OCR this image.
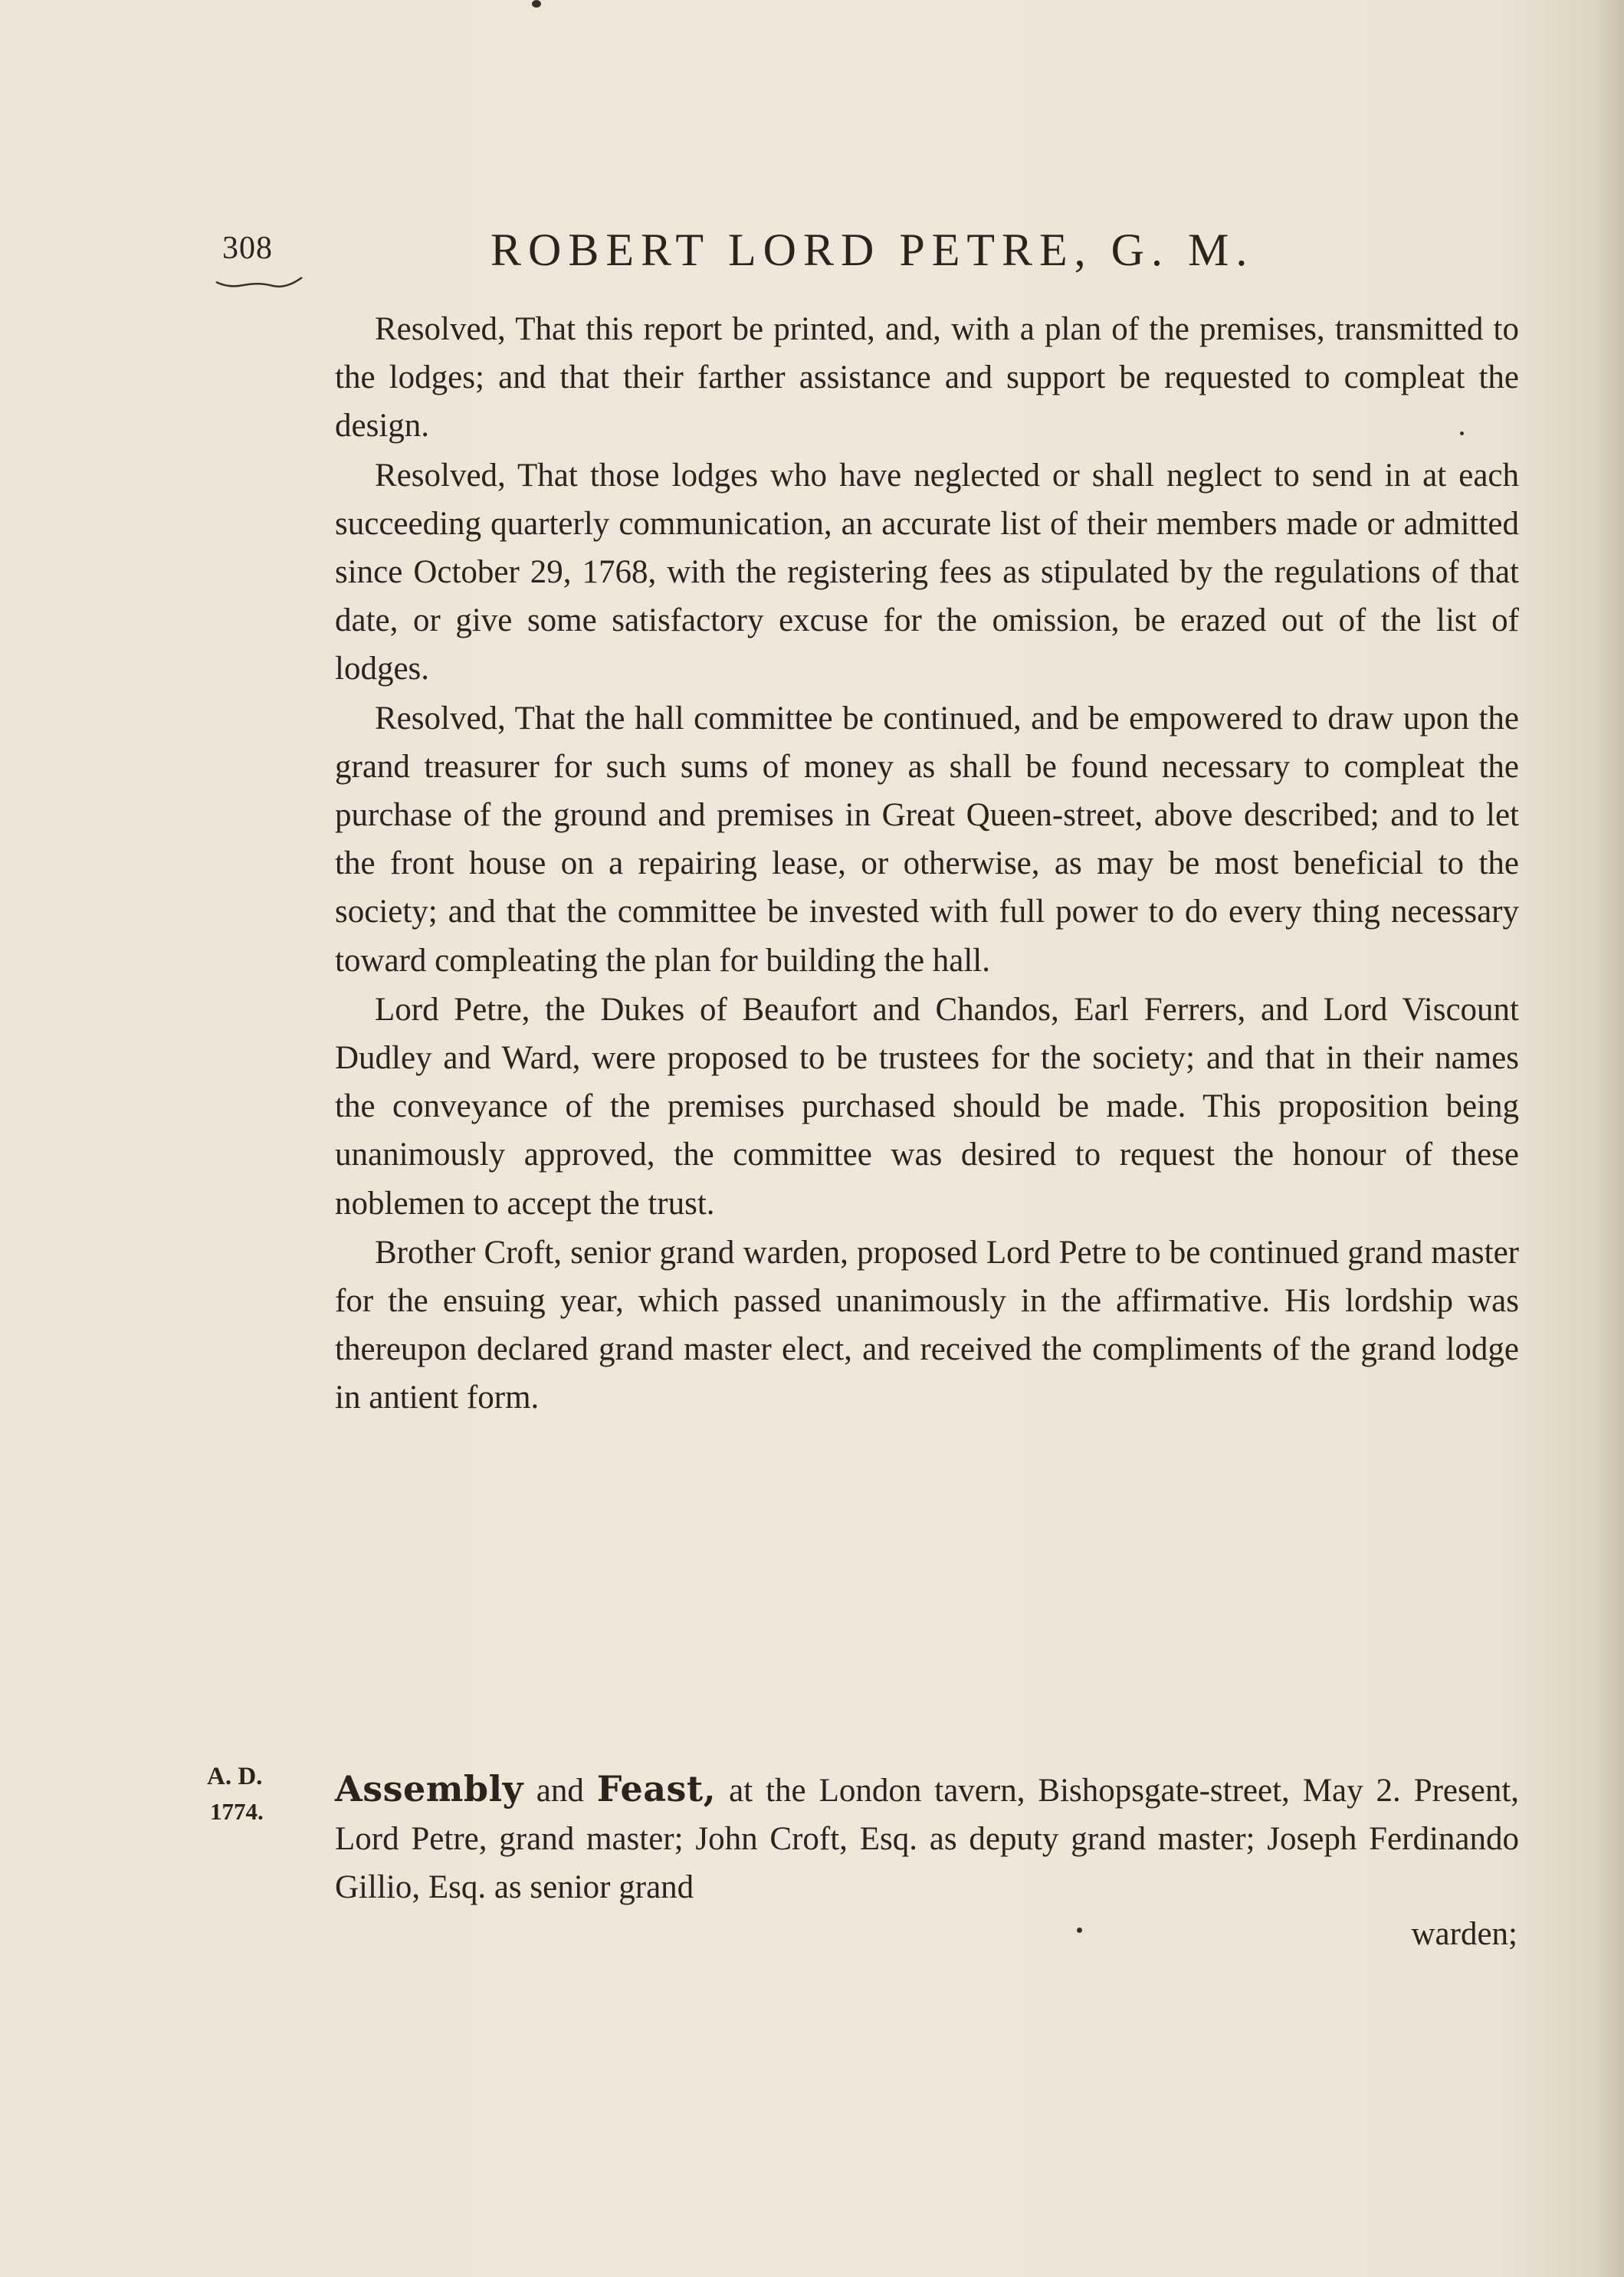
308	ROBERT LORD PETRE, G. M.

Resolved, That this report be printed, and, with a plan of the premises, transmitted to the lodges; and that their farther assistance and support be requested to compleat the design.

Resolved, That those lodges who have neglected or shall neglect to send in at each succeeding quarterly communication, an accurate list of their members made or admitted since October 29, 1768, with the registering fees as stipulated by the regulations of that date, or give some satisfactory excuse for the omission, be erazed out of the list of lodges.

Resolved, That the hall committee be continued, and be empowered to draw upon the grand treasurer for such sums of money as shall be found necessary to compleat the purchase of the ground and premises in Great Queen-street, above described; and to let the front house on a repairing lease, or otherwise, as may be most beneficial to the society; and that the committee be invested with full power to do every thing necessary toward compleating the plan for building the hall.

Lord Petre, the Dukes of Beaufort and Chandos, Earl Ferrers, and Lord Viscount Dudley and Ward, were proposed to be trustees for the society; and that in their names the conveyance of the premises purchased should be made. This proposition being unanimously approved, the committee was desired to request the honour of these noblemen to accept the trust.

Brother Croft, senior grand warden, proposed Lord Petre to be continued grand master for the ensuing year, which passed unanimously in the affirmative. His lordship was thereupon declared grand master elect, and received the compliments of the grand lodge in antient form.

A. D.
1774.
Assembly and Feast, at the London tavern, Bishopsgate-street, May 2. Present, Lord Petre, grand master; John Croft, Esq. as deputy grand master; Joseph Ferdinando Gillio, Esq. as senior grand
warden;
